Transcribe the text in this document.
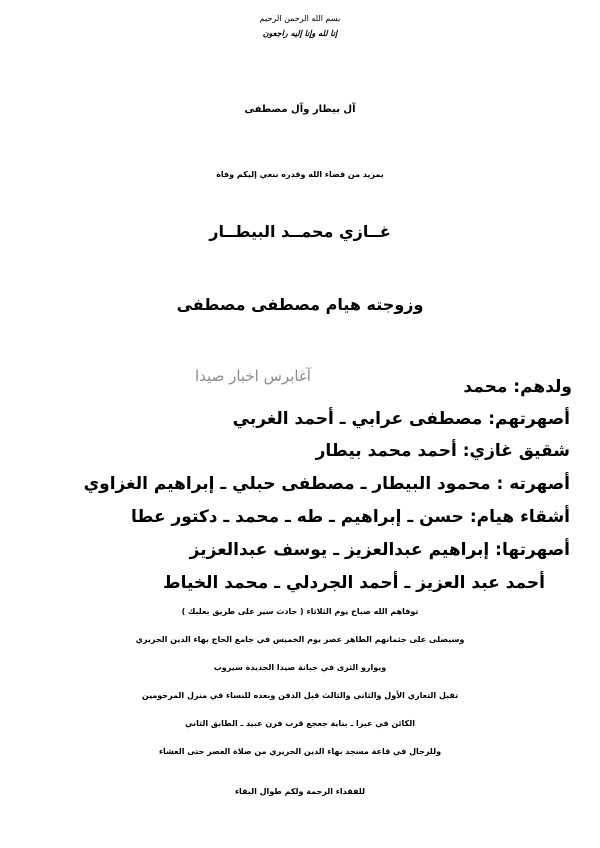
بسم الله الرحمن الرحيم
إنا لله وإنا إليه راجعون
آل بيطار وآل مصطفى
بمزيد من قضاء الله وقدره ننعي إليكم وفاة
غــازي محمــد البيطــار
وزوجته هيام مصطفى مصطفى
آغابرس اخبار صيدا
ولدهم: محمد
أصهرتهم: مصطفى عرابي ـ أحمد الغربي
شقيق غازي: أحمد محمد بيطار
أصهرته : محمود البيطار ـ مصطفى حبلي ـ إبراهيم الغزاوي
أشقاء هيام: حسن ـ إبراهيم ـ طه ـ محمد ـ دكتور عطا
أصهرتها: إبراهيم عبدالعزيز ـ يوسف عبدالعزيز
أحمد عبد العزيز ـ أحمد الجردلي ـ محمد الخياط
توفاهم الله صباح يوم الثلاثاء ( حادث سير على طريق بعلبك )
وسيصلى على جثمانهم الطاهر عصر يوم الخميس في جامع الحاج بهاء الدين الحريري
ويوارو الثرى في جبانة صيدا الجديدة سيروب
تقبل التعازي الأول والثاني والثالث قبل الدفن وبعده للنساء في منزل المرحومين
الكائن في عبرا ـ بناية جعجع قرب فرن عبيد ـ الطابق الثاني
وللرجال في قاعة مسجد بهاء الدين الحريري من صلاة العصر حتى العشاء
للفقداء الرحمة ولكم طوال البقاء
